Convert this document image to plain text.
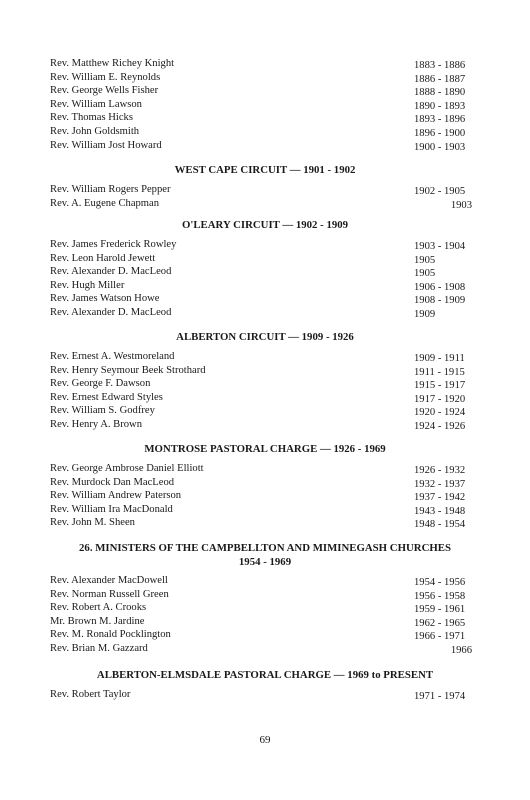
Rev. Matthew Richey Knight	1883 - 1886
Rev. William E. Reynolds	1886 - 1887
Rev. George Wells Fisher	1888 - 1890
Rev. William Lawson	1890 - 1893
Rev. Thomas Hicks	1893 - 1896
Rev. John Goldsmith	1896 - 1900
Rev. William Jost Howard	1900 - 1903
WEST CAPE CIRCUIT — 1901 - 1902
Rev. William Rogers Pepper	1902 - 1905
Rev. A. Eugene Chapman	1903
O'LEARY CIRCUIT — 1902 - 1909
Rev. James Frederick Rowley	1903 - 1904
Rev. Leon Harold Jewett	1905
Rev. Alexander D. MacLeod	1905
Rev. Hugh Miller	1906 - 1908
Rev. James Watson Howe	1908 - 1909
Rev. Alexander D. MacLeod	1909
ALBERTON CIRCUIT — 1909 - 1926
Rev. Ernest A. Westmoreland	1909 - 1911
Rev. Henry Seymour Beek Strothard	1911 - 1915
Rev. George F. Dawson	1915 - 1917
Rev. Ernest Edward Styles	1917 - 1920
Rev. William S. Godfrey	1920 - 1924
Rev. Henry A. Brown	1924 - 1926
MONTROSE PASTORAL CHARGE — 1926 - 1969
Rev. George Ambrose Daniel Elliott	1926 - 1932
Rev. Murdock Dan MacLeod	1932 - 1937
Rev. William Andrew Paterson	1937 - 1942
Rev. William Ira MacDonald	1943 - 1948
Rev. John M. Sheen	1948 - 1954
26. MINISTERS OF THE CAMPBELLTON AND MIMINEGASH CHURCHES
1954 - 1969
Rev. Alexander MacDowell	1954 - 1956
Rev. Norman Russell Green	1956 - 1958
Rev. Robert A. Crooks	1959 - 1961
Mr. Brown M. Jardine	1962 - 1965
Rev. M. Ronald Pocklington	1966 - 1971
Rev. Brian M. Gazzard	1966
ALBERTON-ELMSDALE PASTORAL CHARGE — 1969 to PRESENT
Rev. Robert Taylor	1971 - 1974
69
